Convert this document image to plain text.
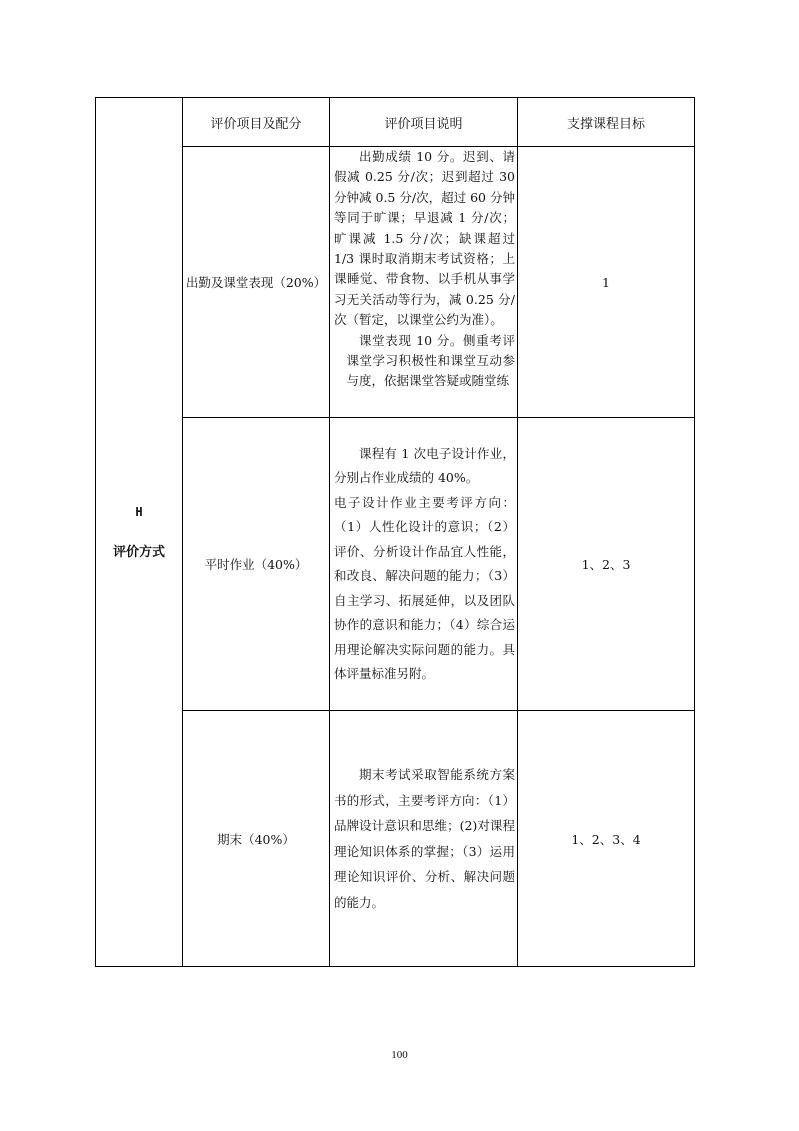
H
评价方式	评价项目及配分	评价项目说明	支撑课程目标
	出勤及课堂表现（20%）	出勤成绩 10 分。迟到、请假减 0.25 分/次；迟到超过 30 分钟减 0.5 分/次，超过 60 分钟等同于旷课；早退减 1 分/次；旷课减 1.5 分/次；缺课超过 1/3 课时取消期末考试资格；上课睡觉、带食物、以手机从事学习无关活动等行为，减 0.25 分/次（暂定，以课堂公约为准）。

课堂表现 10 分。侧重考评课堂学习积极性和课堂互动参与度，依据课堂答疑或随堂练	1
	平时作业（40%）	课程有 1 次电子设计作业，分别占作业成绩的 40%。

电子设计作业主要考评方向：（1）人性化设计的意识；（2）评价、分析设计作品宜人性能，和改良、解决问题的能力；（3）自主学习、拓展延伸，以及团队协作的意识和能力；（4）综合运用理论解决实际问题的能力。具体评量标准另附。	1、2、3
	期末（40%）	期末考试采取智能系统方案书的形式，主要考评方向：（1）品牌设计意识和思维；(2)对课程理论知识体系的掌握；（3）运用理论知识评价、分析、解决问题的能力。	1、2、3、4
100
